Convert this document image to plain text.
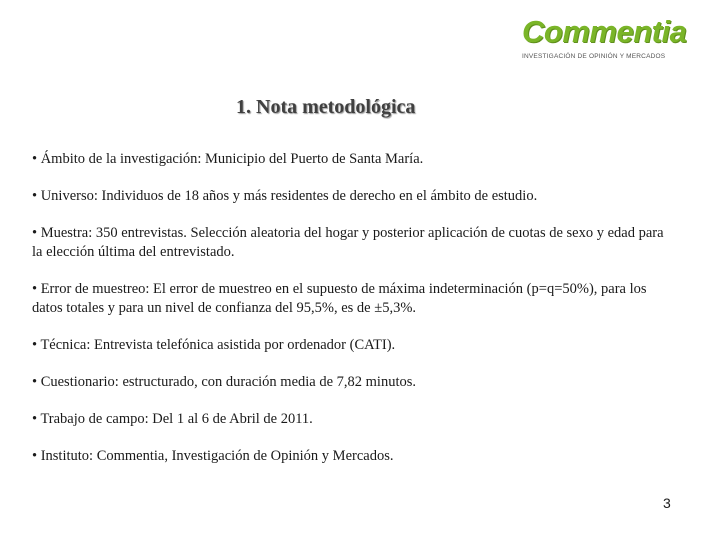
Commentia
INVESTIGACIÓN DE OPINIÓN Y MERCADOS
1. Nota metodológica
• Ámbito de la investigación: Municipio del Puerto de Santa María.
• Universo: Individuos de 18 años y más residentes de derecho en el ámbito de estudio.
• Muestra: 350 entrevistas. Selección aleatoria del hogar y posterior aplicación de cuotas de sexo y edad para la elección última del entrevistado.
• Error de muestreo: El error de muestreo en el supuesto de máxima indeterminación (p=q=50%), para los datos totales y para un nivel de confianza del 95,5%, es de ±5,3%.
• Técnica: Entrevista telefónica asistida por ordenador (CATI).
• Cuestionario: estructurado, con duración media de 7,82 minutos.
• Trabajo de campo: Del 1 al 6 de Abril de 2011.
• Instituto: Commentia, Investigación de Opinión y Mercados.
3
